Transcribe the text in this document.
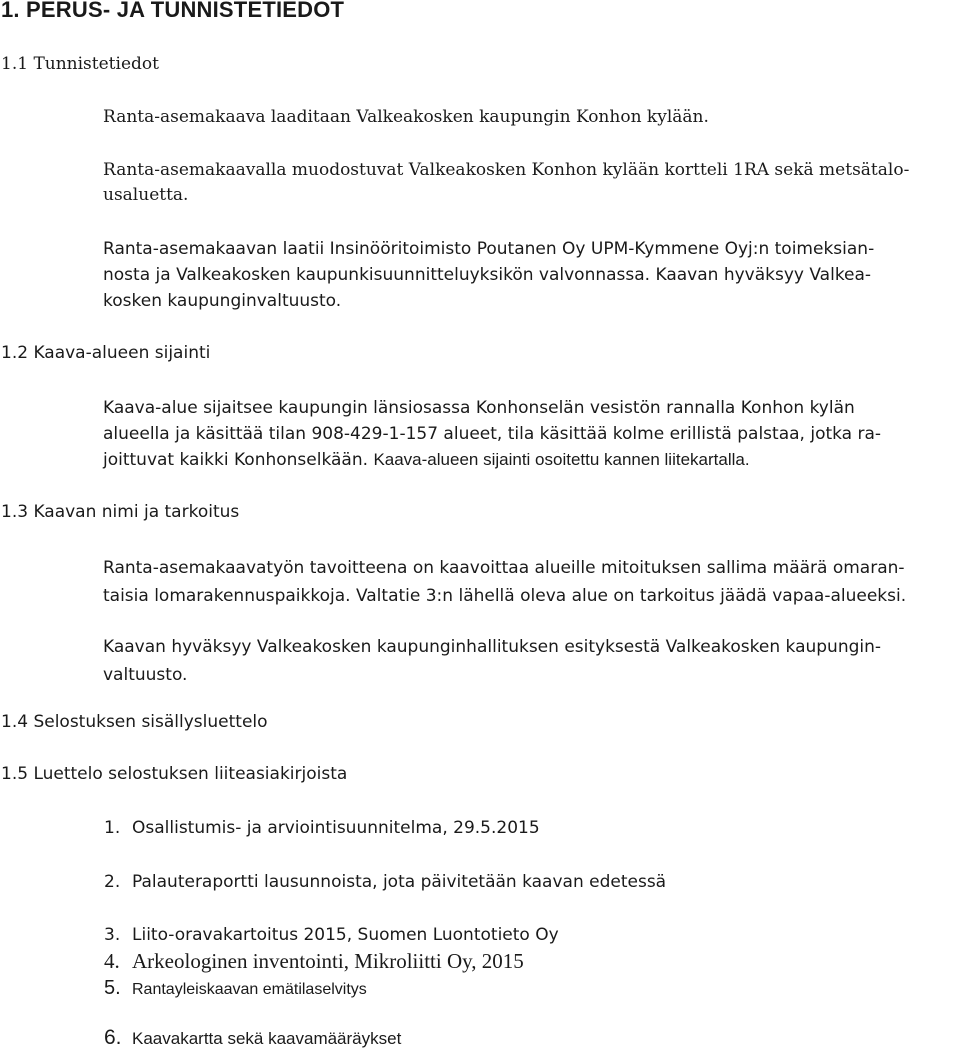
1. PERUS- JA TUNNISTETIEDOT
1.1 Tunnistetiedot
Ranta-asemakaava laaditaan Valkeakosken kaupungin Konhon kylään.
Ranta-asemakaavalla muodostuvat Valkeakosken Konhon kylään kortteli 1RA sekä metsätalo-
usaluetta.
Ranta-asemakaavan laatii Insinööritoimisto Poutanen Oy UPM-Kymmene Oyj:n toimeksian-
nosta ja Valkeakosken kaupunkisuunnitteluyksikön valvonnassa. Kaavan hyväksyy Valkea-
kosken kaupunginvaltuusto.
1.2 Kaava-alueen sijainti
Kaava-alue sijaitsee kaupungin länsiosassa Konhonselän vesistön rannalla Konhon kylän
alueella ja käsittää tilan 908-429-1-157 alueet, tila käsittää kolme erillistä palstaa, jotka ra-
joittuvat kaikki Konhonselkään. Kaava-alueen sijainti osoitettu kannen liitekartalla.
1.3 Kaavan nimi ja tarkoitus
Ranta-asemakaavatyön tavoitteena on kaavoittaa alueille mitoituksen sallima määrä omaran-
taisia lomarakennuspaikkoja. Valtatie 3:n lähellä oleva alue on tarkoitus jäädä vapaa-alueeksi.
Kaavan hyväksyy Valkeakosken kaupunginhallituksen esityksestä Valkeakosken kaupungin-
valtuusto.
1.4 Selostuksen sisällysluettelo
1.5 Luettelo selostuksen liiteasiakirjoista
1. Osallistumis- ja arviointisuunnitelma, 29.5.2015
2. Palauteraportti lausunnoista, jota päivitetään kaavan edetessä
3. Liito-oravakartoitus 2015, Suomen Luontotieto Oy
4. Arkeologinen inventointi, Mikroliitti Oy, 2015
5. Rantayleiskaavan emätilaselvitys
6. Kaavakartta sekä kaavamääräykset
